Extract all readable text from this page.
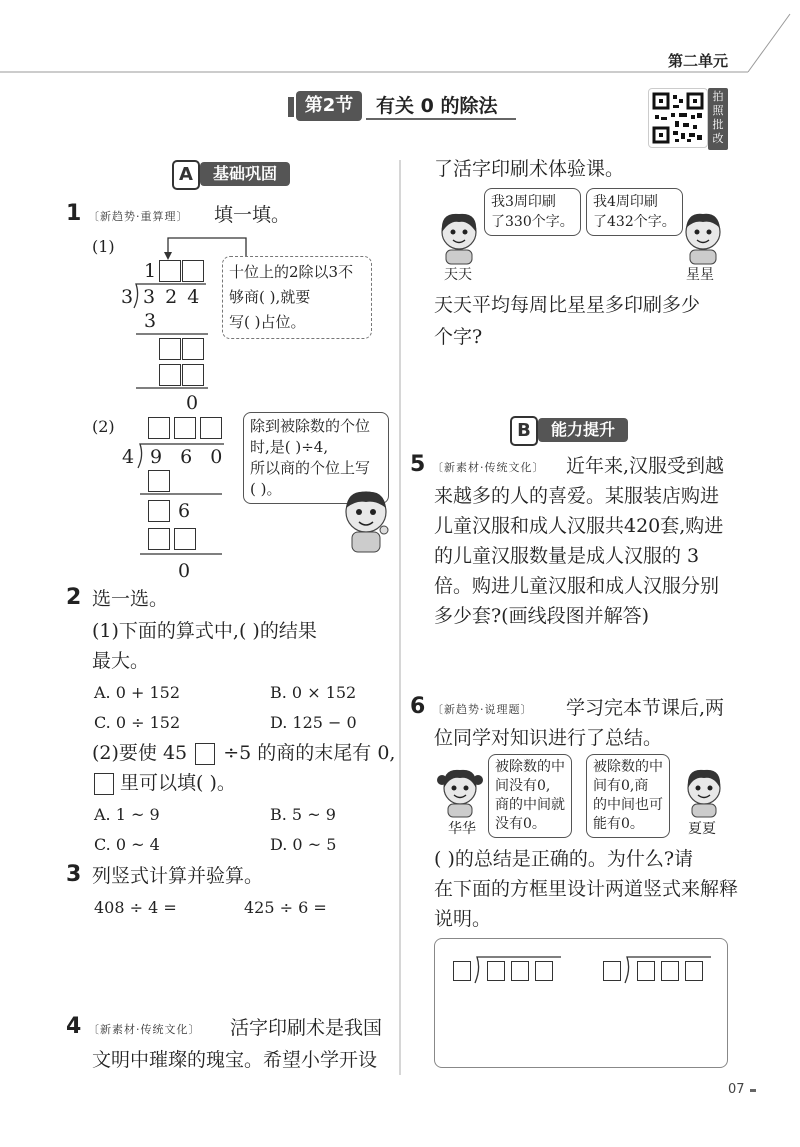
第二单元
第2节	有关 0 的除法	拍
照
批
改
A	基础巩固
1 〔新趋势·重算理〕 填一填。
(1)
1
3 3 2 4
3
0
十位上的2除以3不
够商( ),就要
写( )占位。
(2)
4 9 6 0
6
0
除到被除数的个位
时,是( )÷4,
所以商的个位上写
( )。
2 选一选。
(1)下面的算式中,( )的结果
最大。
A. 0 + 152	B. 0 × 152
C. 0 ÷ 152	D. 125 − 0
(2)要使 45 ÷5 的商的末尾有 0,
里可以填( )。
A. 1 ~ 9	B. 5 ~ 9
C. 0 ~ 4	D. 0 ~ 5
3 列竖式计算并验算。
408 ÷ 4 =	425 ÷ 6 =
4 〔新素材·传统文化〕 活字印刷术是我国
文明中璀璨的瑰宝。希望小学开设
了活字印刷术体验课。
天天
我3周印刷
了330个字。
我4周印刷
了432个字。
星星
天天平均每周比星星多印刷多少
个字?
B	能力提升
5 〔新素材·传统文化〕 近年来,汉服受到越
来越多的人的喜爱。某服装店购进
儿童汉服和成人汉服共420套,购进
的儿童汉服数量是成人汉服的 3
倍。购进儿童汉服和成人汉服分别
多少套?(画线段图并解答)
6 〔新趋势·说理题〕 学习完本节课后,两
位同学对知识进行了总结。
华华
被除数的中
间没有0,
商的中间就
没有0。
被除数的中
间有0,商
的中间也可
能有0。	夏夏
( )的总结是正确的。为什么?请
在下面的方框里设计两道竖式来解释
说明。
07
